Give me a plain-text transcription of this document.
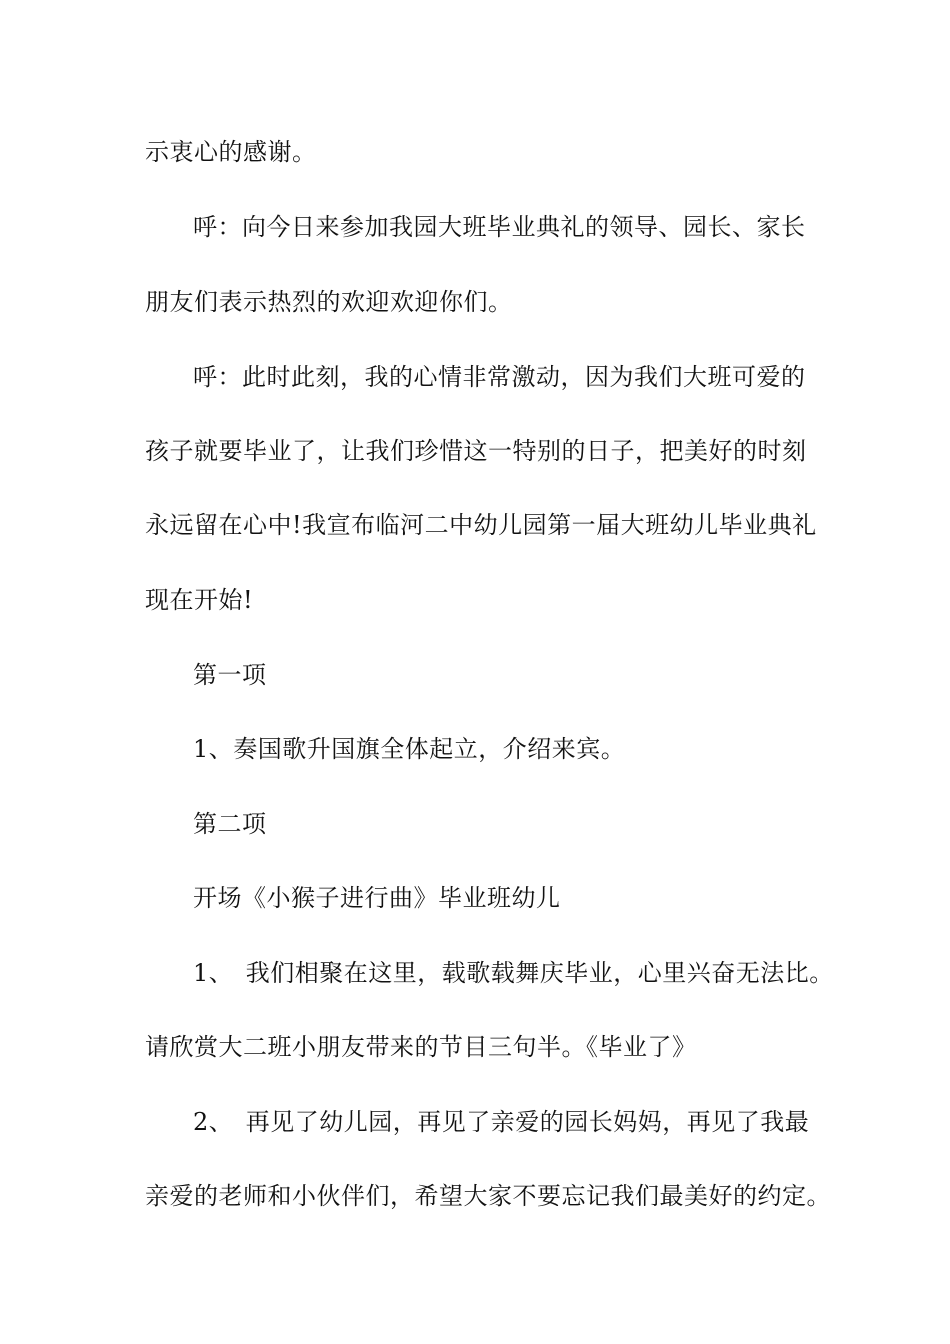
示衷心的感谢。
呼：向今日来参加我园大班毕业典礼的领导、园长、家长
朋友们表示热烈的欢迎欢迎你们。
呼：此时此刻，我的心情非常激动，因为我们大班可爱的
孩子就要毕业了，让我们珍惜这一特别的日子，把美好的时刻
永远留在心中!我宣布临河二中幼儿园第一届大班幼儿毕业典礼
现在开始!
第一项
1、奏国歌升国旗全体起立，介绍来宾。
第二项
开场《小猴子进行曲》毕业班幼儿
1、　我们相聚在这里，载歌载舞庆毕业，心里兴奋无法比。
请欣赏大二班小朋友带来的节目三句半。《毕业了》
2、　再见了幼儿园，再见了亲爱的园长妈妈，再见了我最
亲爱的老师和小伙伴们，希望大家不要忘记我们最美好的约定。
